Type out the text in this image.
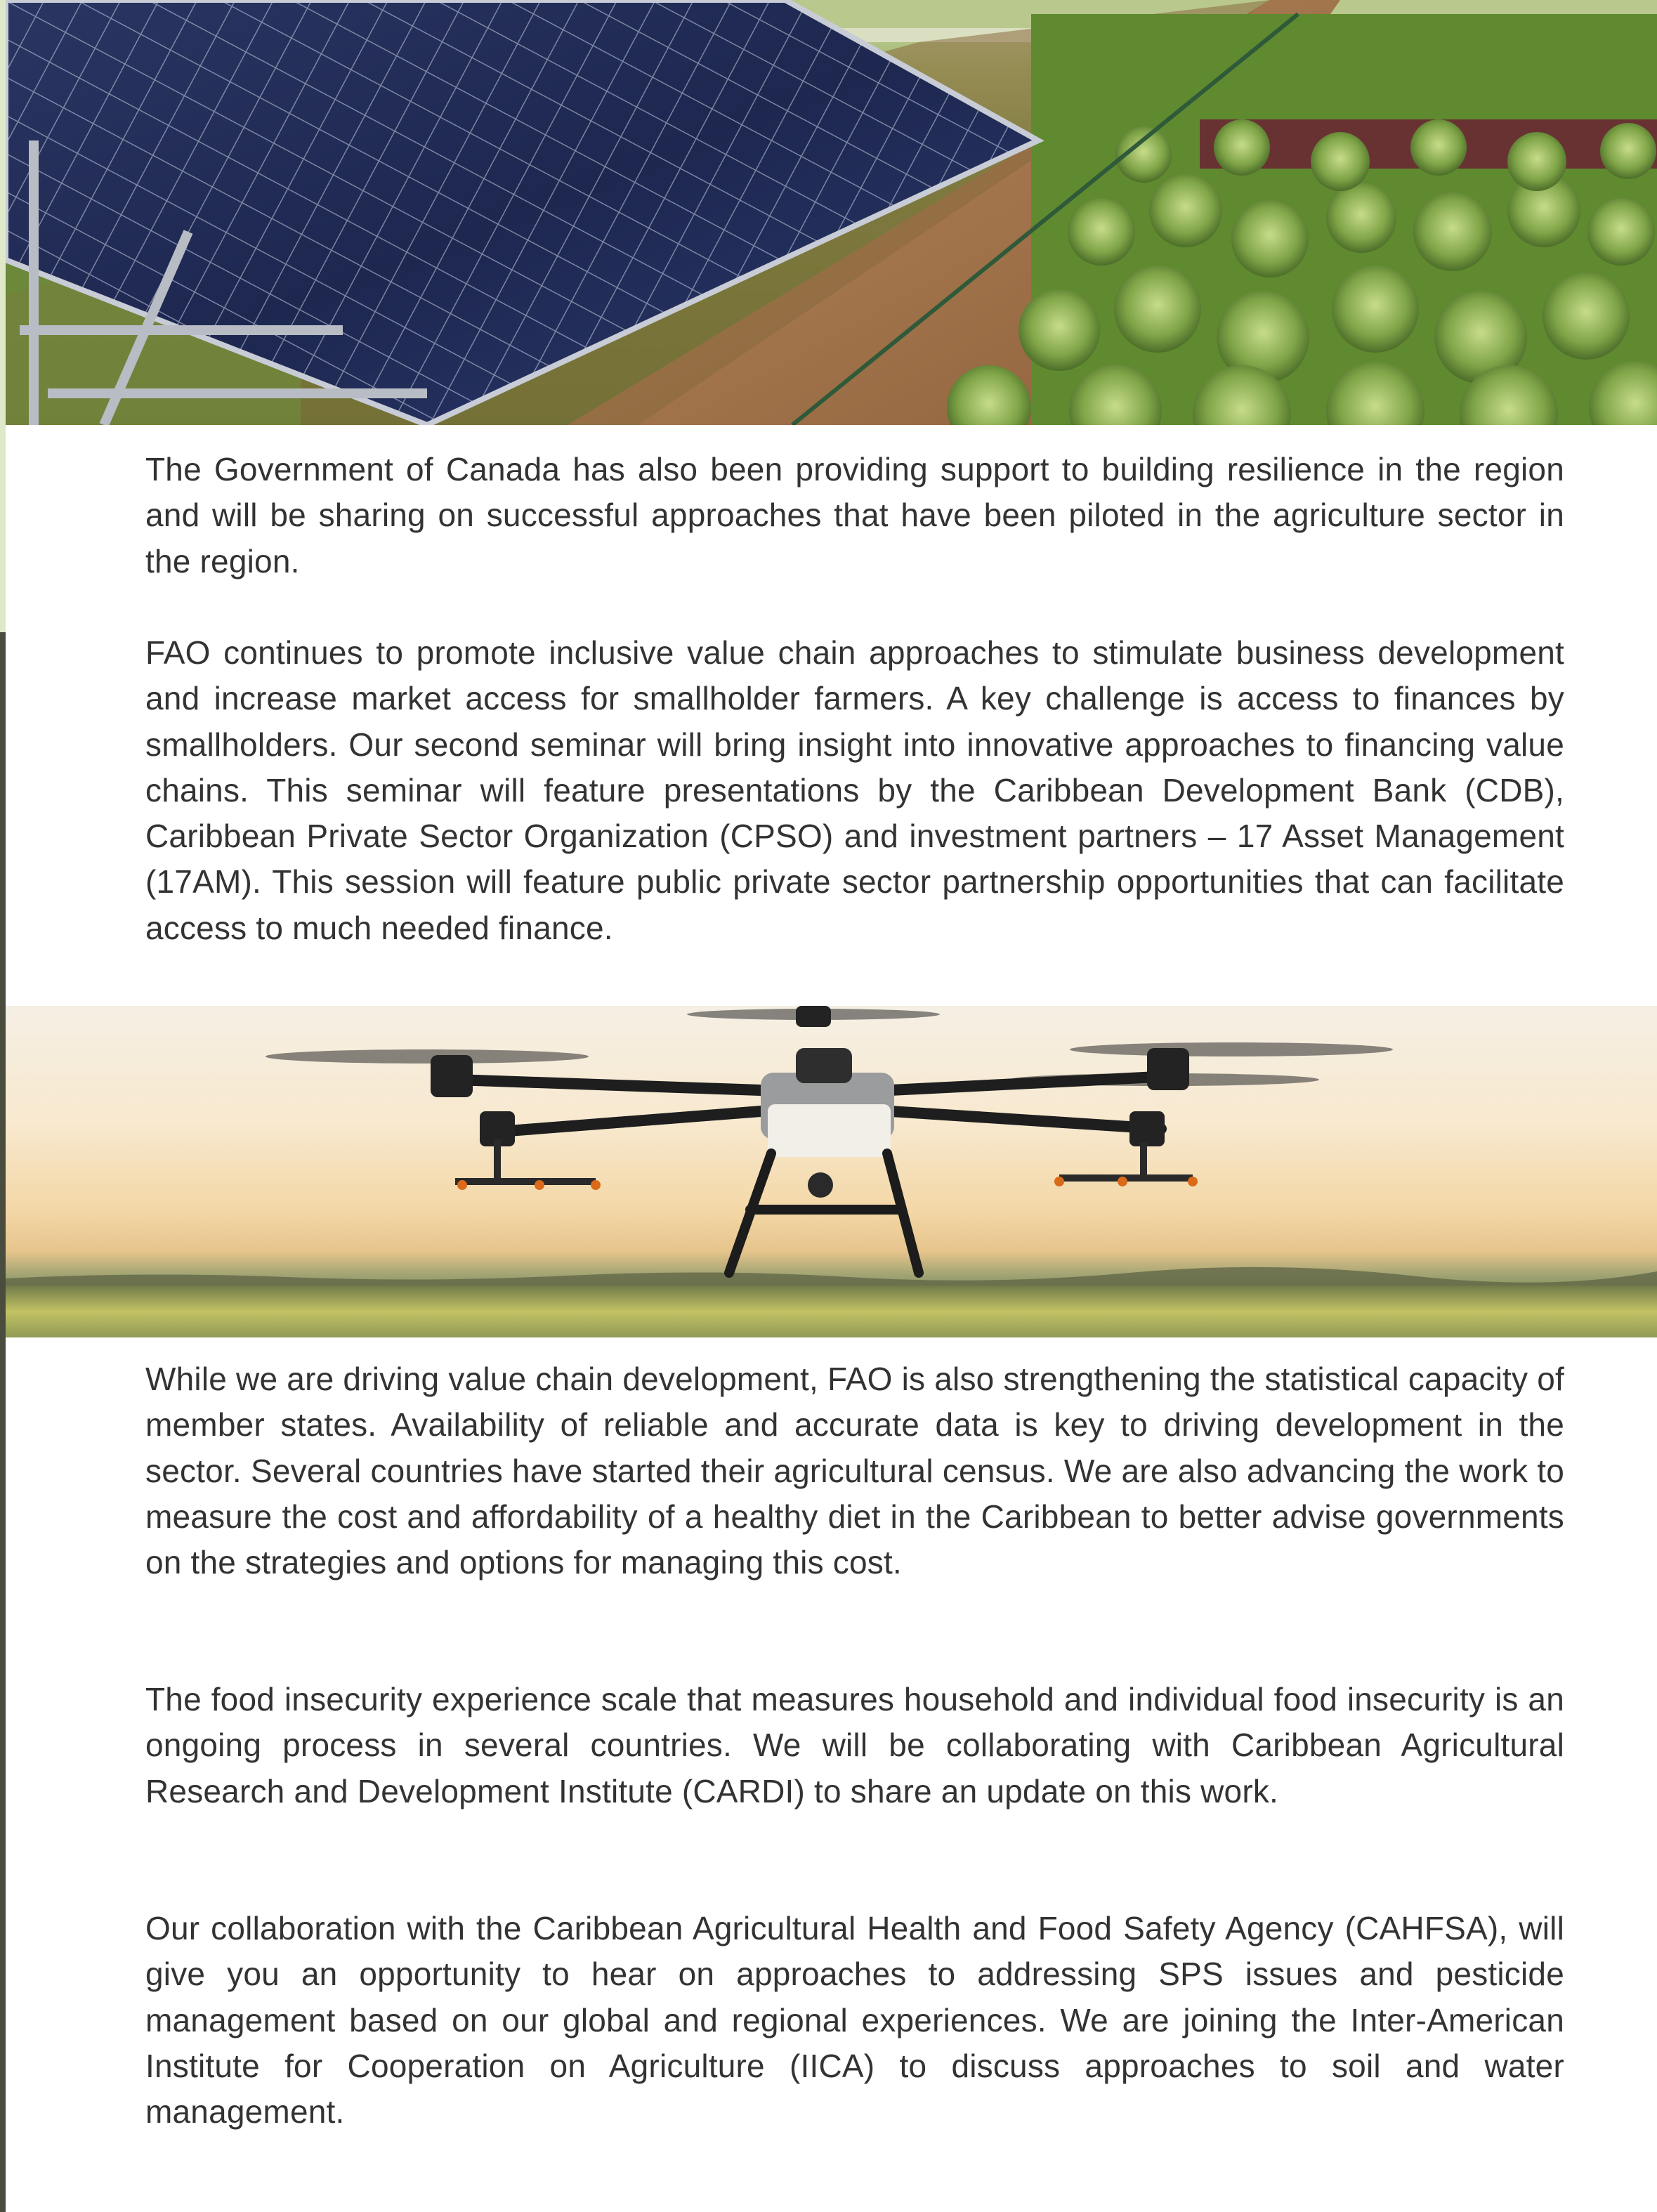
The Government of Canada has also been providing support to building resilience in the region and will be sharing on successful approaches that have been piloted in the agriculture sector in the region.

FAO continues to promote inclusive value chain approaches to stimulate business development and increase market access for smallholder farmers. A key challenge is access to finances by smallholders. Our second seminar will bring insight into innovative approaches to financing value chains. This seminar will feature presentations by the Caribbean Development Bank (CDB), Caribbean Private Sector Organization (CPSO) and investment partners – 17 Asset Management (17AM). This session will feature public private sector partnership opportunities that can facilitate access to much needed finance.

While we are driving value chain development, FAO is also strengthening the statistical capacity of member states. Availability of reliable and accurate data is key to driving development in the sector. Several countries have started their agricultural census. We are also advancing the work to measure the cost and affordability of a healthy diet in the Caribbean to better advise governments on the strategies and options for managing this cost.

The food insecurity experience scale that measures household and individual food insecurity is an ongoing process in several countries. We will be collaborating with Caribbean Agricultural Research and Development Institute (CARDI) to share an update on this work.

Our collaboration with the Caribbean Agricultural Health and Food Safety Agency (CAHFSA), will give you an opportunity to hear on approaches to addressing SPS issues and pesticide management based on our global and regional experiences. We are joining the Inter-American Institute for Cooperation on Agriculture (IICA) to discuss approaches to soil and water management.
